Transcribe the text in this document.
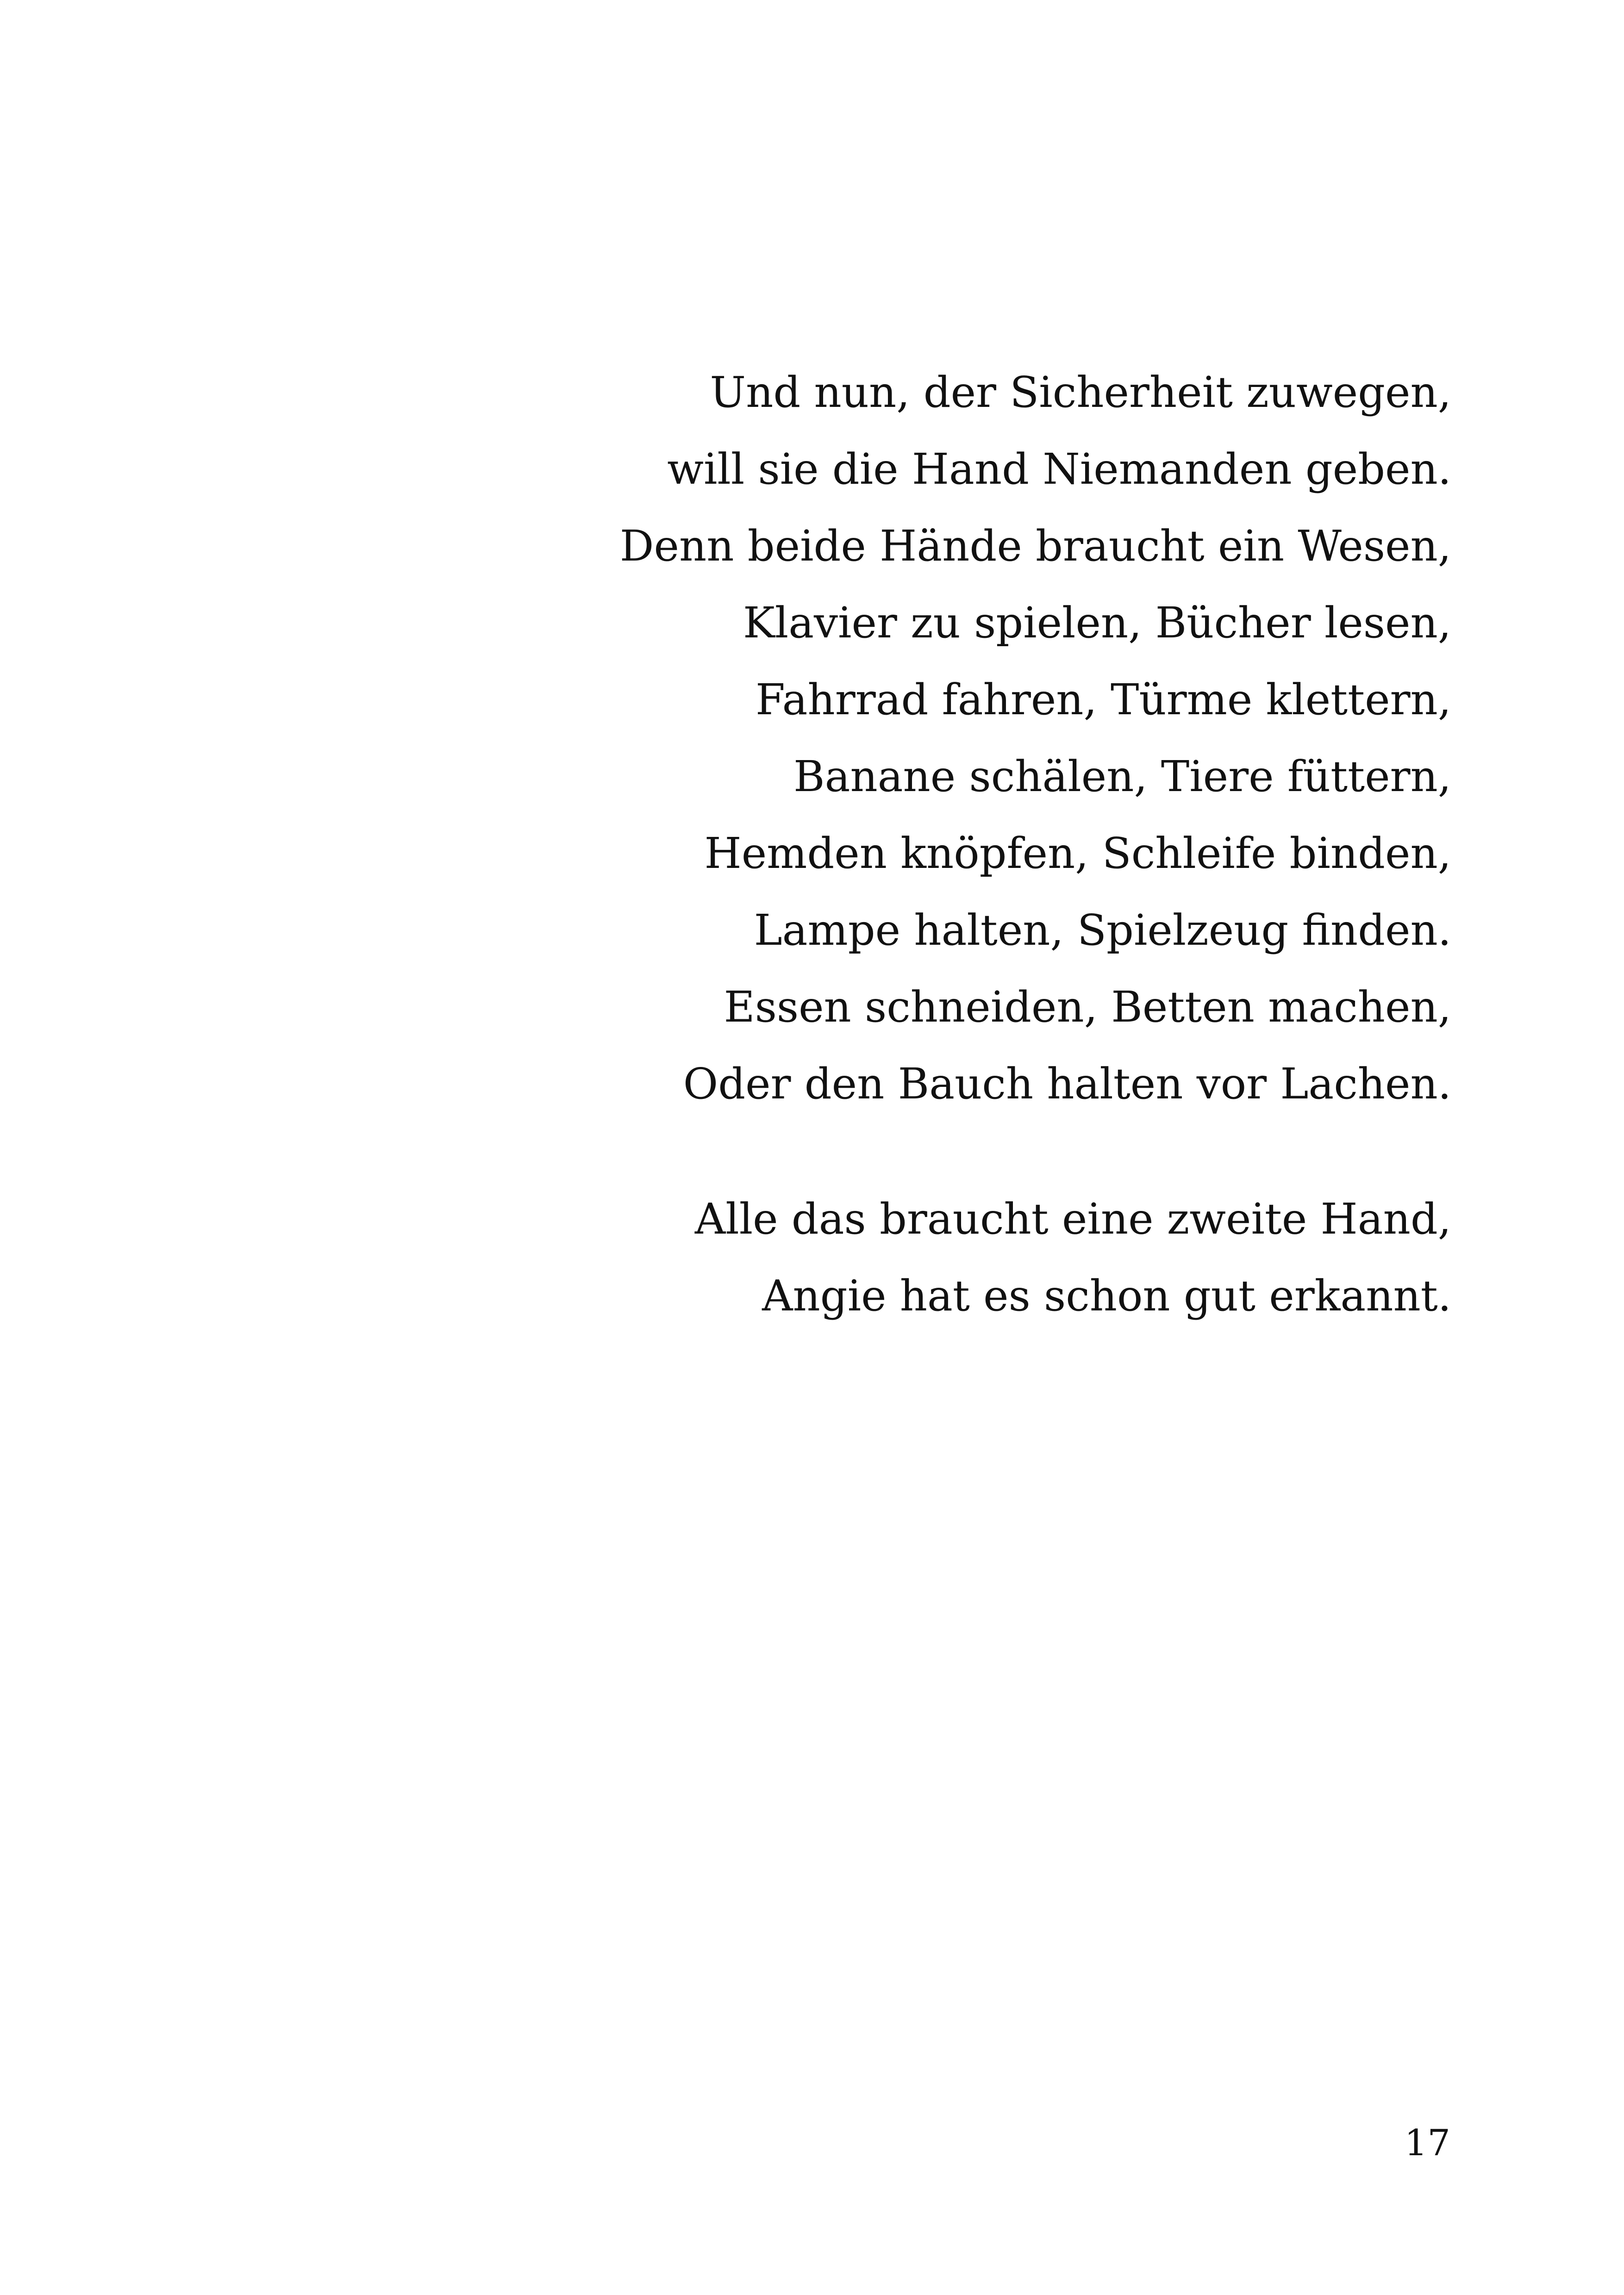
Und nun, der Sicherheit zuwegen,
will sie die Hand Niemanden geben.
Denn beide Hände braucht ein Wesen,
Klavier zu spielen, Bücher lesen,
Fahrrad fahren, Türme klettern,
Banane schälen, Tiere füttern,
Hemden knöpfen, Schleife binden,
Lampe halten, Spielzeug finden.
Essen schneiden, Betten machen,
Oder den Bauch halten vor Lachen.
Alle das braucht eine zweite Hand,
Angie hat es schon gut erkannt.
17
